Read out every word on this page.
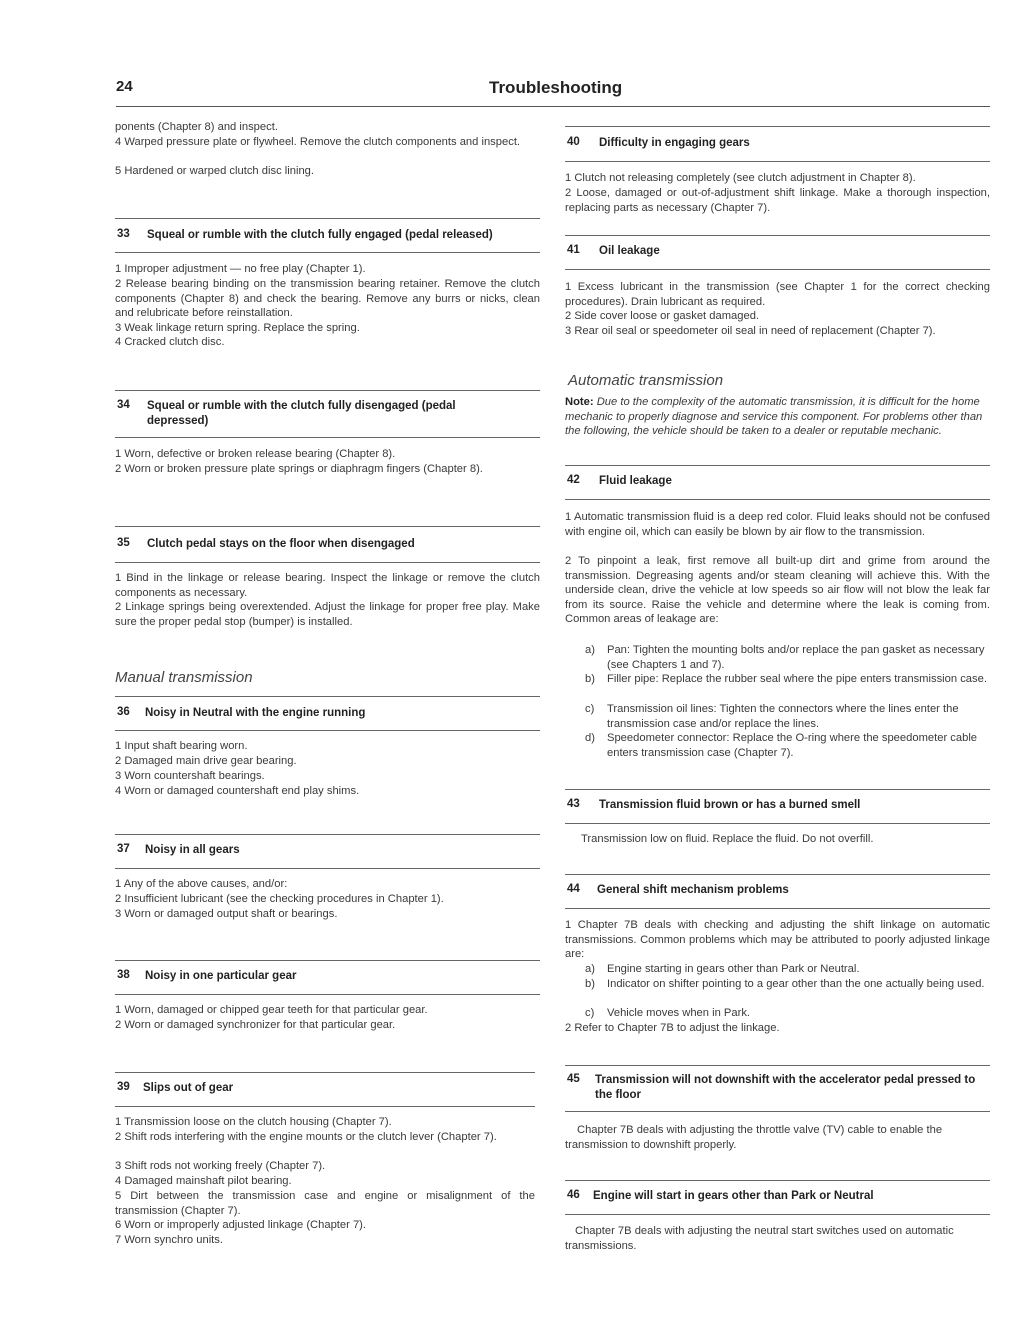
24	Troubleshooting
ponents (Chapter 8) and inspect.
4 Warped pressure plate or flywheel. Remove the clutch components and inspect.
5 Hardened or warped clutch disc lining.
33 Squeal or rumble with the clutch fully engaged (pedal released)
1 Improper adjustment — no free play (Chapter 1).
2 Release bearing binding on the transmission bearing retainer. Remove the clutch components (Chapter 8) and check the bearing. Remove any burrs or nicks, clean and relubricate before reinstallation.
3 Weak linkage return spring. Replace the spring.
4 Cracked clutch disc.
34 Squeal or rumble with the clutch fully disengaged (pedal depressed)
1 Worn, defective or broken release bearing (Chapter 8).
2 Worn or broken pressure plate springs or diaphragm fingers (Chapter 8).
35 Clutch pedal stays on the floor when disengaged
1 Bind in the linkage or release bearing. Inspect the linkage or remove the clutch components as necessary.
2 Linkage springs being overextended. Adjust the linkage for proper free play. Make sure the proper pedal stop (bumper) is installed.
Manual transmission
36 Noisy in Neutral with the engine running
1 Input shaft bearing worn.
2 Damaged main drive gear bearing.
3 Worn countershaft bearings.
4 Worn or damaged countershaft end play shims.
37 Noisy in all gears
1 Any of the above causes, and/or:
2 Insufficient lubricant (see the checking procedures in Chapter 1).
3 Worn or damaged output shaft or bearings.
38 Noisy in one particular gear
1 Worn, damaged or chipped gear teeth for that particular gear.
2 Worn or damaged synchronizer for that particular gear.
39 Slips out of gear
1 Transmission loose on the clutch housing (Chapter 7).
2 Shift rods interfering with the engine mounts or the clutch lever (Chapter 7).
3 Shift rods not working freely (Chapter 7).
4 Damaged mainshaft pilot bearing.
5 Dirt between the transmission case and engine or misalignment of the transmission (Chapter 7).
6 Worn or improperly adjusted linkage (Chapter 7).
7 Worn synchro units.
40 Difficulty in engaging gears
1 Clutch not releasing completely (see clutch adjustment in Chapter 8).
2 Loose, damaged or out-of-adjustment shift linkage. Make a thorough inspection, replacing parts as necessary (Chapter 7).
41 Oil leakage
1 Excess lubricant in the transmission (see Chapter 1 for the correct checking procedures). Drain lubricant as required.
2 Side cover loose or gasket damaged.
3 Rear oil seal or speedometer oil seal in need of replacement (Chapter 7).
Automatic transmission
Note: Due to the complexity of the automatic transmission, it is difficult for the home mechanic to properly diagnose and service this component. For problems other than the following, the vehicle should be taken to a dealer or reputable mechanic.
42 Fluid leakage
1 Automatic transmission fluid is a deep red color. Fluid leaks should not be confused with engine oil, which can easily be blown by air flow to the transmission.
2 To pinpoint a leak, first remove all built-up dirt and grime from around the transmission. Degreasing agents and/or steam cleaning will achieve this. With the underside clean, drive the vehicle at low speeds so air flow will not blow the leak far from its source. Raise the vehicle and determine where the leak is coming from. Common areas of leakage are:
a) Pan: Tighten the mounting bolts and/or replace the pan gasket as necessary (see Chapters 1 and 7).
b) Filler pipe: Replace the rubber seal where the pipe enters transmission case.
c) Transmission oil lines: Tighten the connectors where the lines enter the transmission case and/or replace the lines.
d) Speedometer connector: Replace the O-ring where the speedometer cable enters transmission case (Chapter 7).
43 Transmission fluid brown or has a burned smell
Transmission low on fluid. Replace the fluid. Do not overfill.
44 General shift mechanism problems
1 Chapter 7B deals with checking and adjusting the shift linkage on automatic transmissions. Common problems which may be attributed to poorly adjusted linkage are:
a) Engine starting in gears other than Park or Neutral.
b) Indicator on shifter pointing to a gear other than the one actually being used.
c) Vehicle moves when in Park.
2 Refer to Chapter 7B to adjust the linkage.
45 Transmission will not downshift with the accelerator pedal pressed to the floor
Chapter 7B deals with adjusting the throttle valve (TV) cable to enable the transmission to downshift properly.
46 Engine will start in gears other than Park or Neutral
Chapter 7B deals with adjusting the neutral start switches used on automatic transmissions.
